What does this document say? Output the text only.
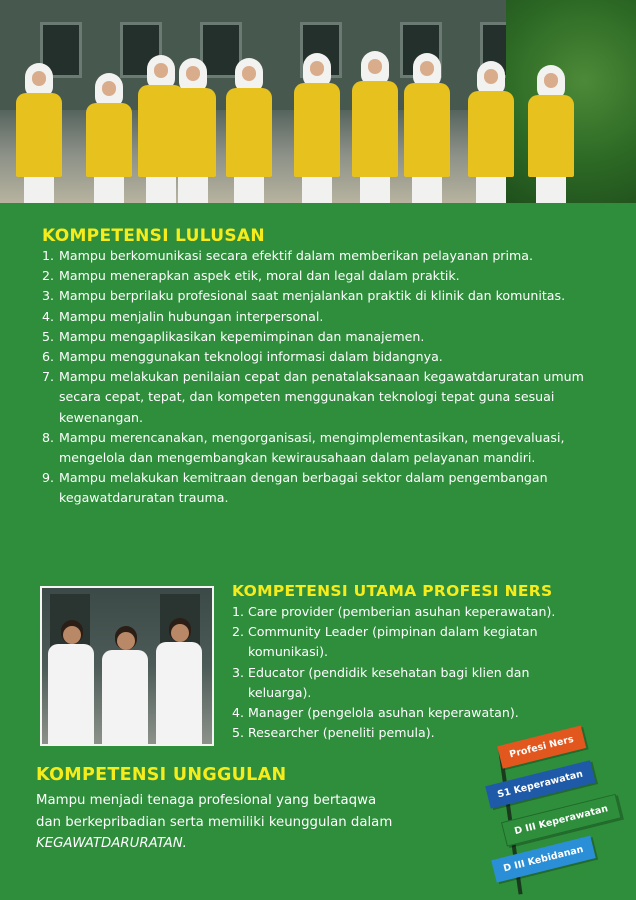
KOMPETENSI LULUSAN
1. Mampu berkomunikasi secara efektif dalam memberikan pelayanan prima.
2. Mampu menerapkan aspek etik, moral dan legal dalam praktik.
3. Mampu berprilaku profesional saat menjalankan praktik di klinik dan komunitas.
4. Mampu menjalin hubungan interpersonal.
5. Mampu mengaplikasikan kepemimpinan dan manajemen.
6. Mampu menggunakan teknologi informasi dalam bidangnya.
7. Mampu melakukan penilaian cepat dan penatalaksanaan kegawatdaruratan umum secara cepat, tepat, dan kompeten menggunakan teknologi tepat guna sesuai kewenangan.
8. Mampu merencanakan, mengorganisasi, mengimplementasikan, mengevaluasi, mengelola dan mengembangkan kewirausahaan dalam pelayanan mandiri.
9. Mampu melakukan kemitraan dengan berbagai sektor dalam pengembangan kegawatdaruratan trauma.
KOMPETENSI UTAMA PROFESI NERS
1. Care provider (pemberian asuhan keperawatan).
2. Community Leader (pimpinan dalam kegiatan komunikasi).
3. Educator (pendidik kesehatan bagi klien dan keluarga).
4. Manager (pengelola asuhan keperawatan).
5. Researcher (peneliti pemula).
KOMPETENSI UNGGULAN
Mampu menjadi tenaga profesional yang bertaqwa
dan berkepribadian serta memiliki keunggulan dalam
KEGAWATDARURATAN.
Profesi Ners
S1 Keperawatan
D III Keperawatan
D III Kebidanan
